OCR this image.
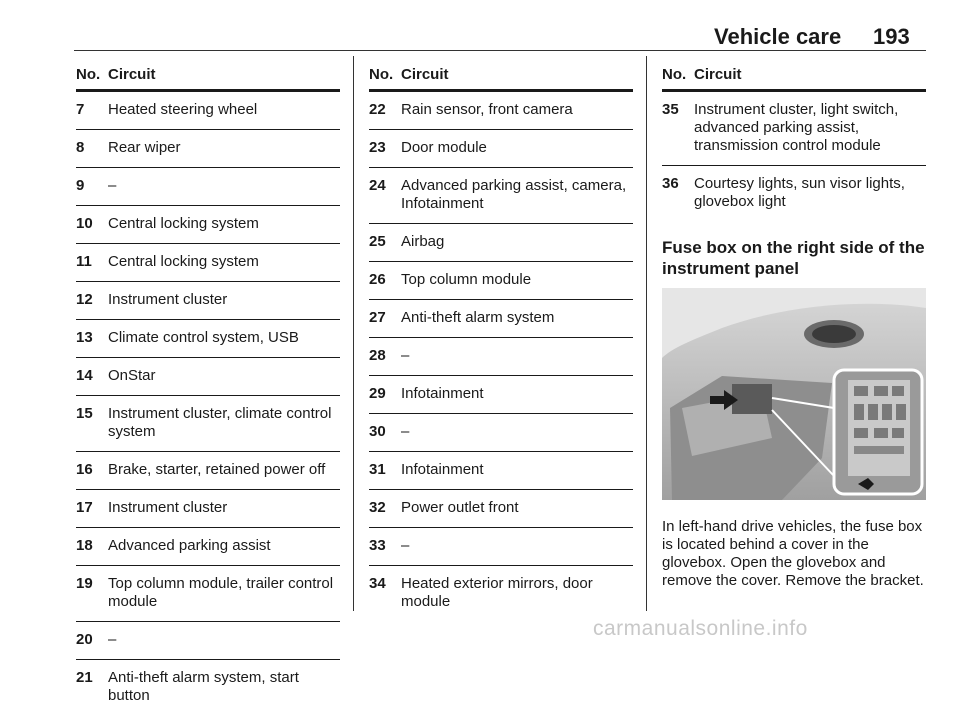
Vehicle care 193
No. Circuit
7	Heated steering wheel
8	Rear wiper
9	–
10	Central locking system
11	Central locking system
12	Instrument cluster
13	Climate control system, USB
14	OnStar
15	Instrument cluster, climate control system
16	Brake, starter, retained power off
17	Instrument cluster
18	Advanced parking assist
19	Top column module, trailer control module
20	–
21	Anti-theft alarm system, start button
No. Circuit
22	Rain sensor, front camera
23	Door module
24	Advanced parking assist, camera, Infotainment
25	Airbag
26	Top column module
27	Anti-theft alarm system
28	–
29	Infotainment
30	–
31	Infotainment
32	Power outlet front
33	–
34	Heated exterior mirrors, door module
No. Circuit
35	Instrument cluster, light switch, advanced parking assist, transmission control module
36	Courtesy lights, sun visor lights, glovebox light
Fuse box on the right side of the instrument panel
In left-hand drive vehicles, the fuse box is located behind a cover in the glovebox. Open the glovebox and remove the cover. Remove the bracket.
carmanualsonline.info
